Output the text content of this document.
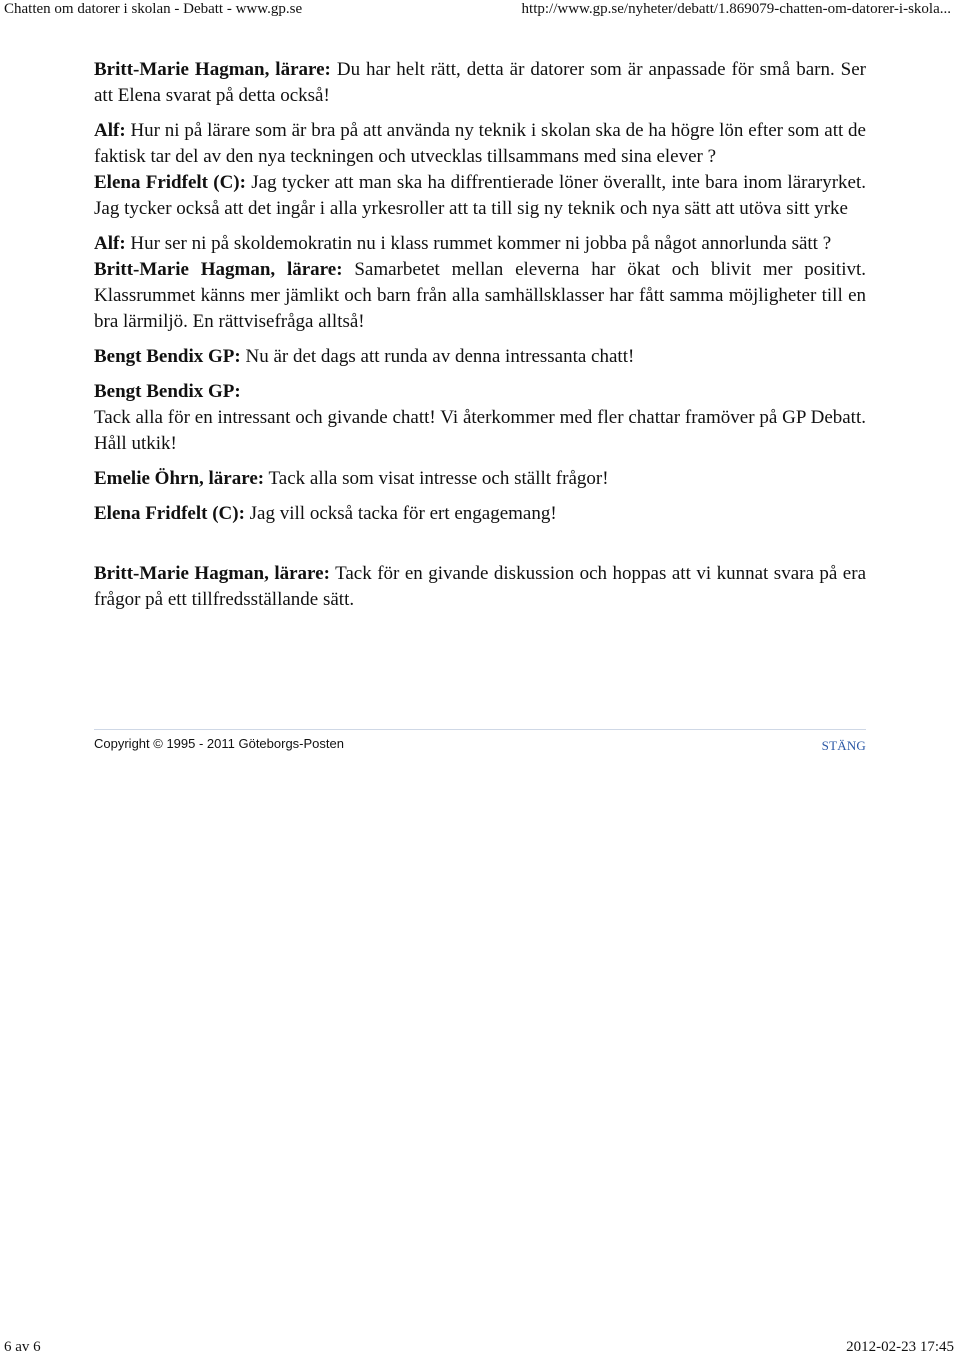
Chatten om datorer i skolan - Debatt - www.gp.se	http://www.gp.se/nyheter/debatt/1.869079-chatten-om-datorer-i-skola...

Britt-Marie Hagman, lärare: Du har helt rätt, detta är datorer som är anpassade för små barn. Ser att Elena svarat på detta också!

Alf: Hur ni på lärare som är bra på att använda ny teknik i skolan ska de ha högre lön efter som att de faktisk tar del av den nya teckningen och utvecklas tillsammans med sina elever ?

Elena Fridfelt (C): Jag tycker att man ska ha diffrentierade löner överallt, inte bara inom läraryrket. Jag tycker också att det ingår i alla yrkesroller att ta till sig ny teknik och nya sätt att utöva sitt yrke

Alf: Hur ser ni på skoldemokratin nu i klass rummet kommer ni jobba på något annorlunda sätt ?

Britt-Marie Hagman, lärare: Samarbetet mellan eleverna har ökat och blivit mer positivt. Klassrummet känns mer jämlikt och barn från alla samhällsklasser har fått samma möjligheter till en bra lärmiljö. En rättvisefråga alltså!

Bengt Bendix GP: Nu är det dags att runda av denna intressanta chatt!

Bengt Bendix GP:

Tack alla för en intressant och givande chatt! Vi återkommer med fler chattar framöver på GP Debatt. Håll utkik!

Emelie Öhrn, lärare: Tack alla som visat intresse och ställt frågor!

Elena Fridfelt (C): Jag vill också tacka för ert engagemang!

Britt-Marie Hagman, lärare: Tack för en givande diskussion och hoppas att vi kunnat svara på era frågor på ett tillfredsställande sätt.

Copyright © 1995 - 2011 Göteborgs-Posten	STÄNG
6 av 6	2012-02-23 17:45
